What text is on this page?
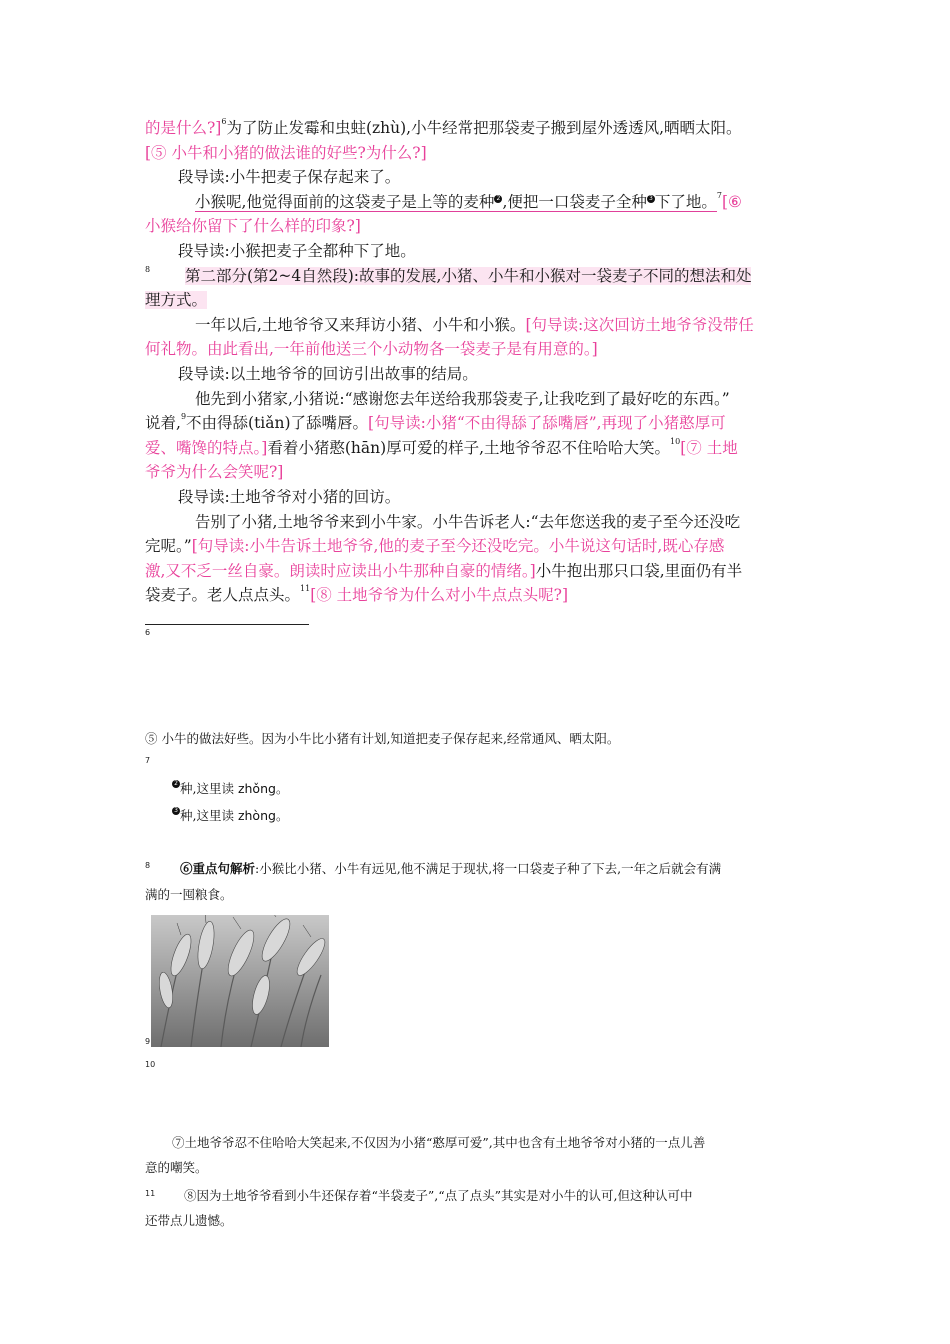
的是什么?]$^6$为了防止发霉和虫蛀(zhù),小牛经常把那袋麦子搬到屋外透透风,晒晒太阳。
[⑤ 小牛和小猪的做法谁的好些?为什么?]
段导读:小牛把麦子保存起来了。
小猴呢,他觉得面前的这袋麦子是上等的麦种 2 ,便把一口袋麦子全种 3 下了地。$^7$[⑥
小猴给你留下了什么样的印象?]
段导读:小猴把麦子全都种下了地。
8 第二部分(第2~4自然段):故事的发展,小猪、小牛和小猴对一袋麦子不同的想法和处
理方式。
一年以后,土地爷爷又来拜访小猪、小牛和小猴。[句导读:这次回访土地爷爷没带任
何礼物。由此看出,一年前他送三个小动物各一袋麦子是有用意的。]
段导读:以土地爷爷的回访引出故事的结局。
他先到小猪家,小猪说:“感谢您去年送给我那袋麦子,让我吃到了最好吃的东西。”
说着,$^9$不由得舔(tiǎn)了舔嘴唇。[句导读:小猪“不由得舔了舔嘴唇”,再现了小猪憨厚可
爱、嘴馋的特点。]看着小猪憨(hān)厚可爱的样子,土地爷爷忍不住哈哈大笑。$^{10}$[⑦ 土地
爷爷为什么会笑呢?]
段导读:土地爷爷对小猪的回访。
告别了小猪,土地爷爷来到小牛家。小牛告诉老人:“去年您送我的麦子至今还没吃
完呢。”[句导读:小牛告诉土地爷爷,他的麦子至今还没吃完。小牛说这句话时,既心存感
激,又不乏一丝自豪。朗读时应读出小牛那种自豪的情绪。]小牛抱出那只口袋,里面仍有半
袋麦子。老人点点头。$^{11}$[⑧ 土地爷爷为什么对小牛点点头呢?]
6
⑤ 小牛的做法好些。因为小牛比小猪有计划,知道把麦子保存起来,经常通风、晒太阳。
7
2 种,这里读 zhǒng。
3 种,这里读 zhòng。
8 ⑥重点句解析:小猴比小猪、小牛有远见,他不满足于现状,将一口袋麦子种了下去,一年之后就会有满
满的一囤粮食。
9
10
⑦土地爷爷忍不住哈哈大笑起来,不仅因为小猪“憨厚可爱”,其中也含有土地爷爷对小猪的一点儿善
意的嘲笑。
11 ⑧因为土地爷爷看到小牛还保存着“半袋麦子”,“点了点头”其实是对小牛的认可,但这种认可中
还带点儿遗憾。
